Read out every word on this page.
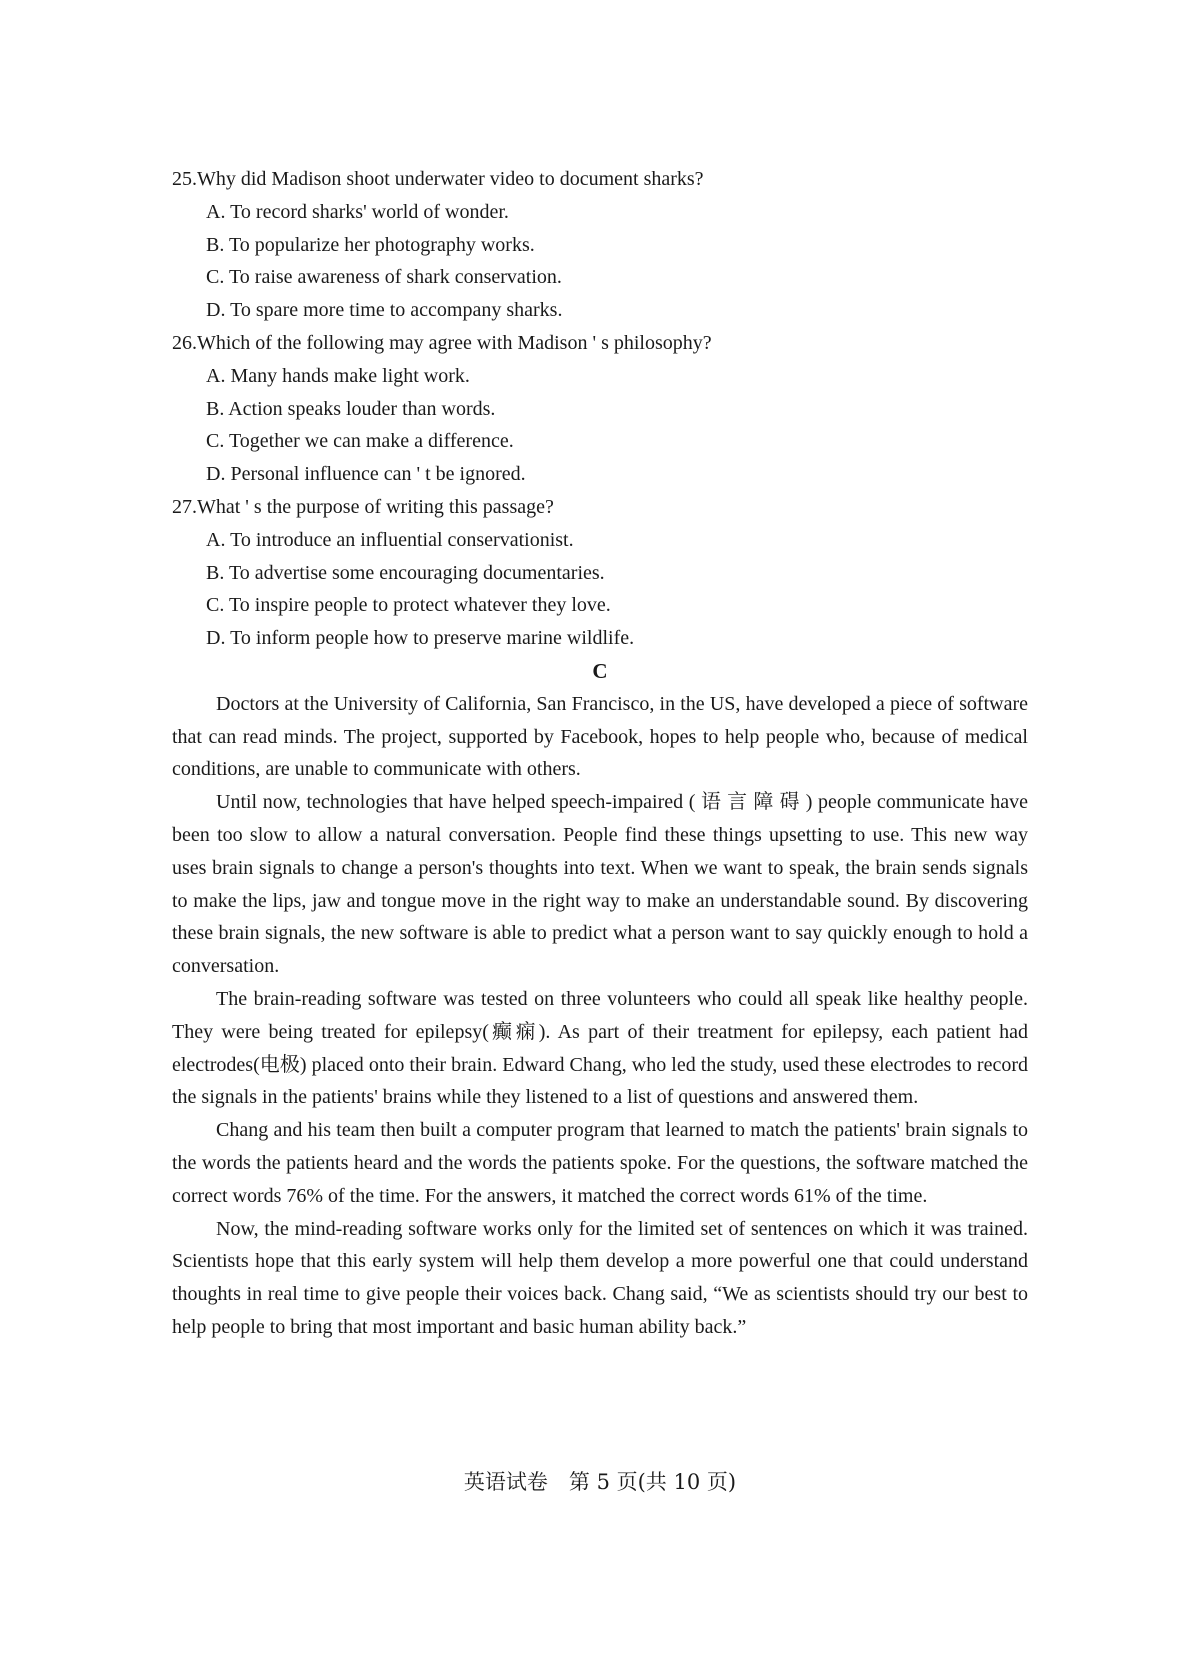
25.Why did Madison shoot underwater video to document sharks?

A. To record sharks' world of wonder.

B. To popularize her photography works.

C. To raise awareness of shark conservation.

D. To spare more time to accompany sharks.

26.Which of the following may agree with Madison ' s philosophy?

A. Many hands make light work.

B. Action speaks louder than words.

C. Together we can make a difference.

D. Personal influence can ' t be ignored.

27.What ' s the purpose of writing this passage?

A. To introduce an influential conservationist.

B. To advertise some encouraging documentaries.

C. To inspire people to protect whatever they love.

D. To inform people how to preserve marine wildlife.

C

Doctors at the University of California, San Francisco, in the US, have developed a piece of software that can read minds. The project, supported by Facebook, hopes to help people who, because of medical conditions, are unable to communicate with others.

Until now, technologies that have helped speech-impaired ( 语 言 障 碍 ) people communicate have been too slow to allow a natural conversation. People find these things upsetting to use. This new way uses brain signals to change a person's thoughts into text. When we want to speak, the brain sends signals to make the lips, jaw and tongue move in the right way to make an understandable sound. By discovering these brain signals, the new software is able to predict what a person want to say quickly enough to hold a conversation.

The brain-reading software was tested on three volunteers who could all speak like healthy people. They were being treated for epilepsy(癫痫). As part of their treatment for epilepsy, each patient had electrodes(电极) placed onto their brain. Edward Chang, who led the study, used these electrodes to record the signals in the patients' brains while they listened to a list of questions and answered them.

Chang and his team then built a computer program that learned to match the patients' brain signals to the words the patients heard and the words the patients spoke. For the questions, the software matched the correct words 76% of the time. For the answers, it matched the correct words 61% of the time.

Now, the mind-reading software works only for the limited set of sentences on which it was trained. Scientists hope that this early system will help them develop a more powerful one that could understand thoughts in real time to give people their voices back. Chang said, “We as scientists should try our best to help people to bring that most important and basic human ability back.”

英语试卷　第 5 页(共 10 页)
